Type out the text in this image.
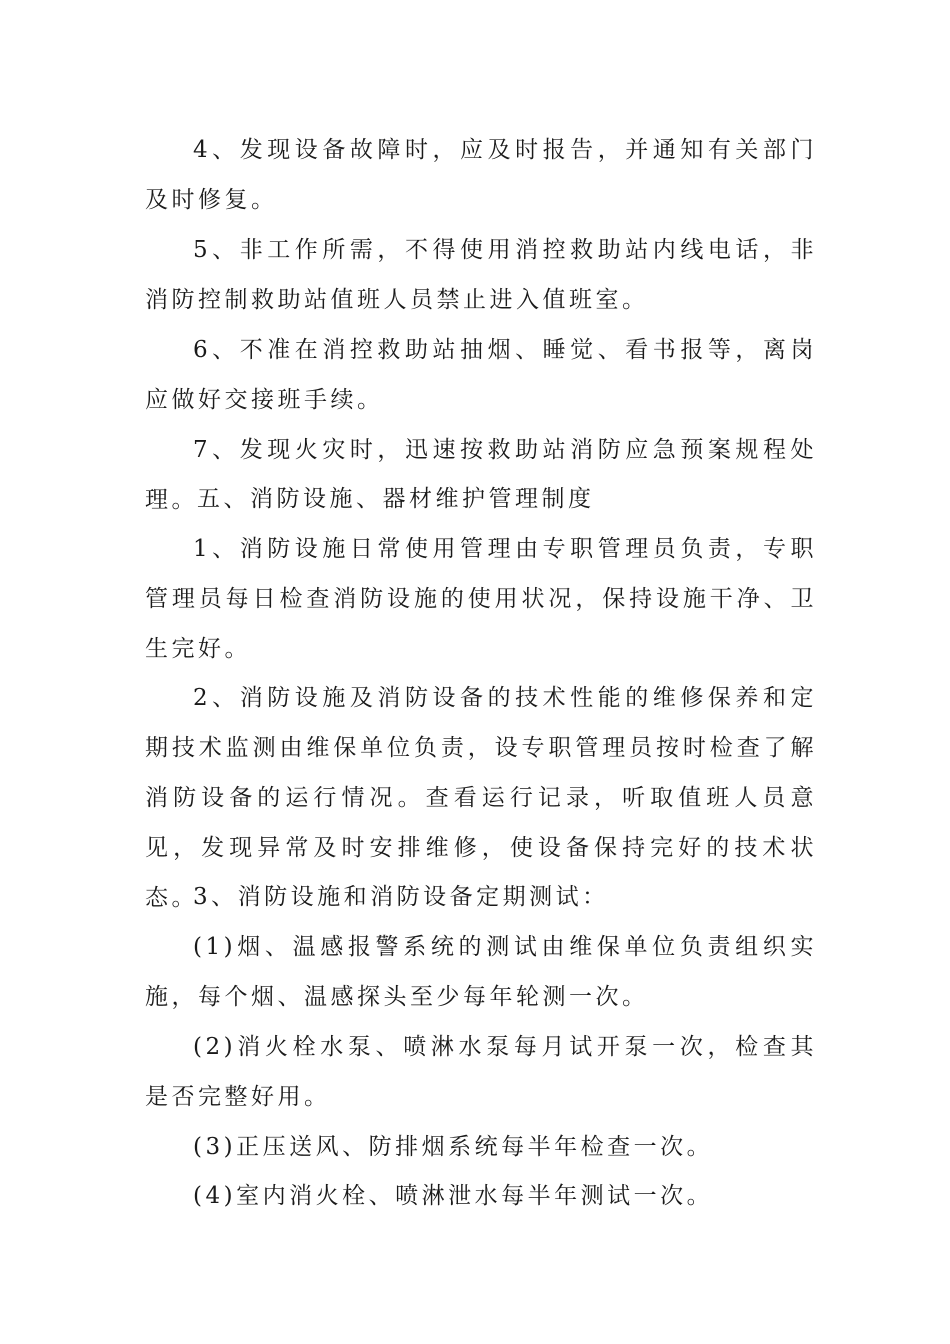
4、发现设备故障时，应及时报告，并通知有关部门及时修复。

5、非工作所需，不得使用消控救助站内线电话，非消防控制救助站值班人员禁止进入值班室。

6、不准在消控救助站抽烟、睡觉、看书报等，离岗应做好交接班手续。

7、发现火灾时，迅速按救助站消防应急预案规程处理。 五、消防设施、器材维护管理制度

1、消防设施日常使用管理由专职管理员负责，专职管理员每日检查消防设施的使用状况，保持设施干净、卫生完好。

2、消防设施及消防设备的技术性能的维修保养和定期技术监测由维保单位负责，设专职管理员按时检查了解消防设备的运行情况。查看运行记录，听取值班人员意见，发现异常及时安排维修，使设备保持完好的技术状态。

3、消防设施和消防设备定期测试：

(1)烟、温感报警系统的测试由维保单位负责组织实施，每个烟、温感探头至少每年轮测一次。

(2)消火栓水泵、喷淋水泵每月试开泵一次，检查其是否完整好用。

(3)正压送风、防排烟系统每半年检查一次。

(4)室内消火栓、喷淋泄水每半年测试一次。
